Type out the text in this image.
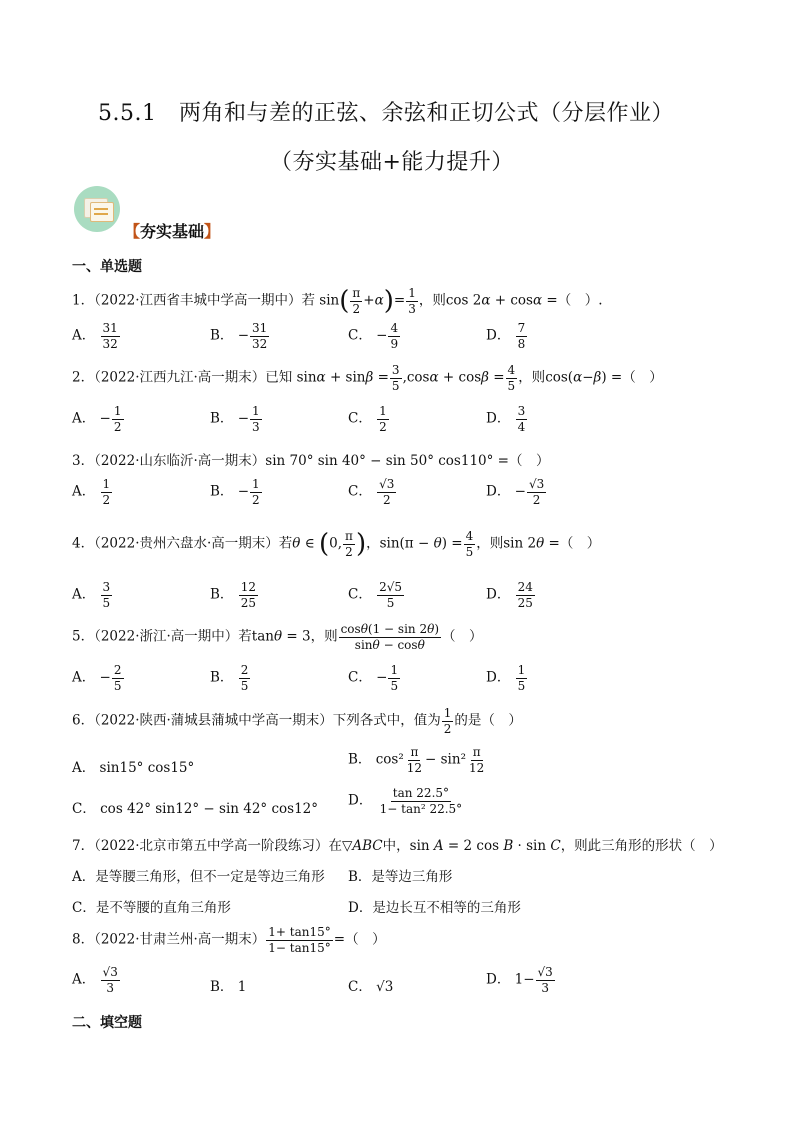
5.5.1　两角和与差的正弦、余弦和正切公式（分层作业）
（夯实基础+能力提升）
【夯实基础】
一、单选题
1．（2022·江西省丰城中学高一期中）若 $\sin( \frac{\pi}{2} +\alpha)= \frac{1}{3}$ ，则cos 2α + cosα =（　）.
A． $\frac{31}{32}$	B． − $\frac{31}{32}$	C． − $\frac{4}{9}$	D． $\frac{7}{8}$
2．（2022·江西九江·高一期末）已知 $\sin\alpha + \sin\beta = \frac{3}{5} ,\cos\alpha + \cos\beta = \frac{4}{5}$ ，则cos(α−β) =（　）
A． − $\frac{1}{2}$	B． − $\frac{1}{3}$	C． $\frac{1}{2}$	D． $\frac{3}{4}$
3．（2022·山东临沂·高一期末）sin 70° sin 40° − sin 50° cos110° =（　）
A． $\frac{1}{2}$	B． − $\frac{1}{2}$	C． $\frac{√3}{2}$	D． − $\frac{√3}{2}$
4．（2022·贵州六盘水·高一期末）若θ ∈ (0, $\frac{\pi}{2}$ )，$\sin(\pi - \theta) = \frac{4}{5}$ ，则sin 2θ =（　）
A． $\frac{3}{5}$	B． $\frac{12}{25}$	C． $\frac{2√5}{5}$	D． $\frac{24}{25}$
5．（2022·浙江·高一期中）若tanθ = 3，则 $\frac{\cos\theta(1 - \sin 2\theta)}{\sin\theta - \cos\theta}$ （　）
A． − $\frac{2}{5}$	B． $\frac{2}{5}$	C． − $\frac{1}{5}$	D． $\frac{1}{5}$
6．（2022·陕西·蒲城县蒲城中学高一期末）下列各式中，值为 $\frac{1}{2}$ 的是（　）
A． sin15° cos15°
B． $\cos^2 \frac{\pi}{12} - \sin^2 \frac{\pi}{12}$
C． cos 42° sin12° − sin 42° cos12°
D． $\frac{\tan 22.5^\circ}{\text{1− tan² 22.5°}}$
7．（2022·北京市第五中学高一阶段练习）在▽ABC中，sin A = 2 cos B · sin C，则此三角形的形状（　）
A．是等腰三角形，但不一定是等边三角形 B．是等边三角形
C．是不等腰的直角三角形	D．是边长互不相等的三角形
8．（2022·甘肃兰州·高一期末） $\frac{1+ \tan 15^\circ}{1- \tan 15^\circ}$ =（　）
A． $\frac{√3}{3}$	B． 1	C． √3	D． $1- \frac{√3}{3}$
二、填空题
